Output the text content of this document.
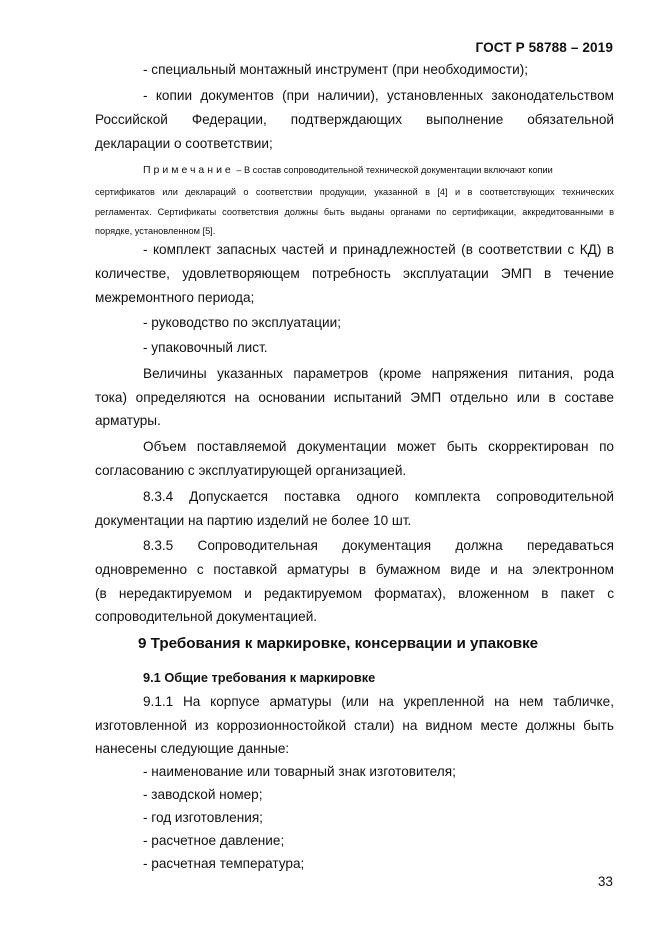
ГОСТ Р 58788 – 2019
- специальный монтажный инструмент (при необходимости);
- копии документов (при наличии), установленных законодательством
Российской Федерации, подтверждающих выполнение обязательной
декларации о соответствии;
Примечание – В состав сопроводительной технической документации включают копии
сертификатов или деклараций о соответствии продукции, указанной в [4] и в соответствующих технических
регламентах. Сертификаты соответствия должны быть выданы органами по сертификации, аккредитованными в
порядке, установленном [5].
- комплект запасных частей и принадлежностей (в соответствии с КД) в
количестве, удовлетворяющем потребность эксплуатации ЭМП в течение
межремонтного периода;
- руководство по эксплуатации;
- упаковочный лист.
Величины указанных параметров (кроме напряжения питания, рода
тока) определяются на основании испытаний ЭМП отдельно или в составе
арматуры.
Объем поставляемой документации может быть скорректирован по
согласованию с эксплуатирующей организацией.
8.3.4 Допускается поставка одного комплекта сопроводительной
документации на партию изделий не более 10 шт.
8.3.5 Сопроводительная документация должна передаваться
одновременно с поставкой арматуры в бумажном виде и на электронном
(в нередактируемом и редактируемом форматах), вложенном в пакет с
сопроводительной документацией.
9 Требования к маркировке, консервации и упаковке
9.1 Общие требования к маркировке
9.1.1 На корпусе арматуры (или на укрепленной на нем табличке,
изготовленной из коррозионностойкой стали) на видном месте должны быть
нанесены следующие данные:
- наименование или товарный знак изготовителя;
- заводской номер;
- год изготовления;
- расчетное давление;
- расчетная температура;
33
